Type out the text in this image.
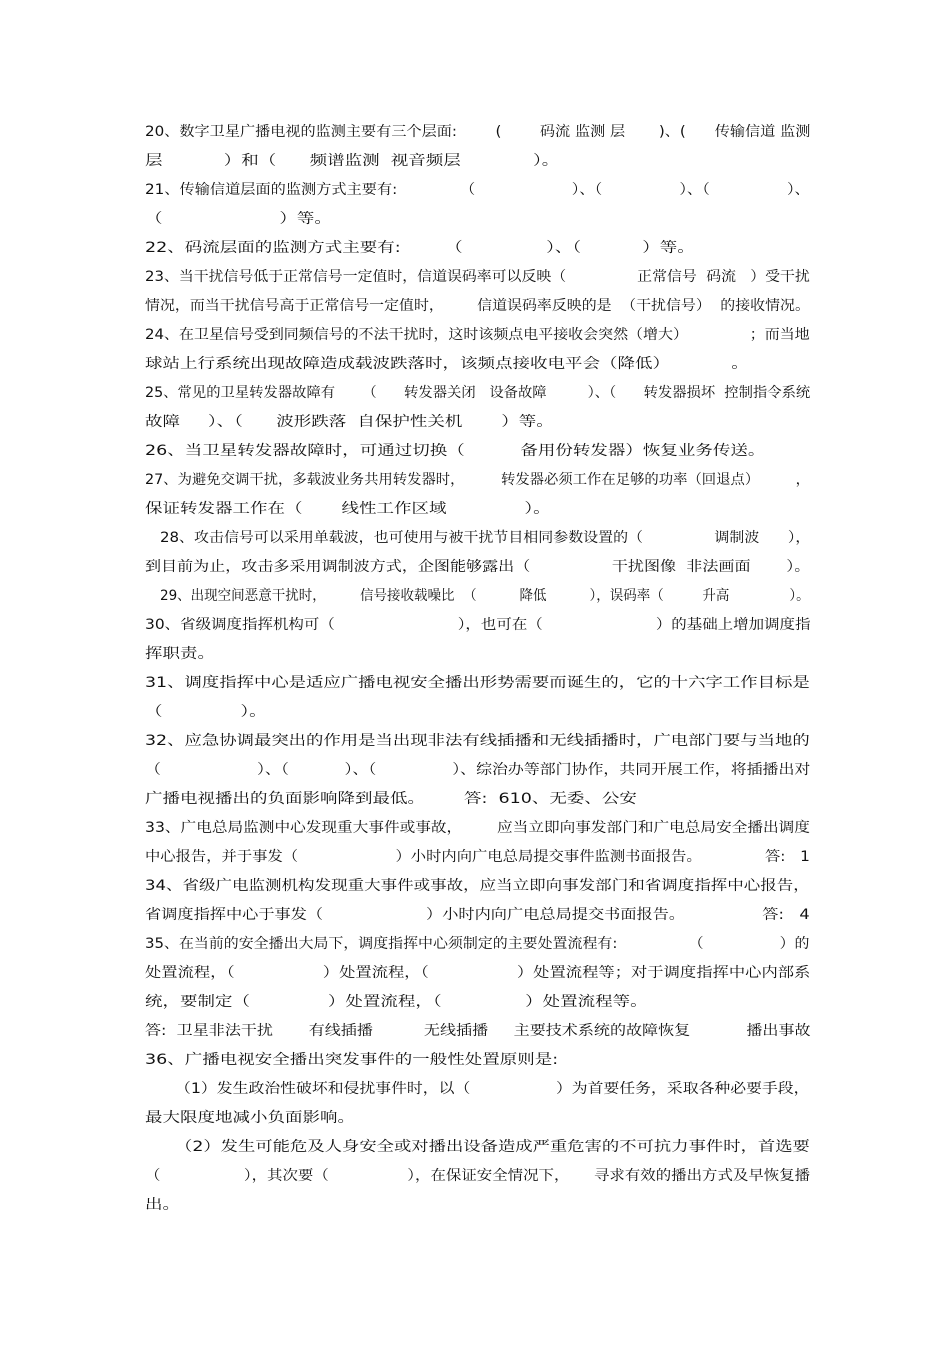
20、数字卫星广播电视的监测主要有三个层面:        (        码流 监测 层       )、(      传输信道 监测
层           ）和（      频谱监测  视音频层             ）。
21、传输信道层面的监测方式主要有:             （                    ）、（                ）、（                ）、
（                     ）等。
22、码流层面的监测方式主要有:        （               ）、（           ）等。
23、当干扰信号低于正常信号一定值时，信道误码率可以反映（               正常信号  码流   ）受干扰
情况，而当干扰信号高于正常信号一定值时，       信道误码率反映的是  （干扰信号）  的接收情况。
24、在卫星信号受到同频信号的不法干扰时，这时该频点电平接收会突然（增大）             ；而当地
球站上行系统出现故障造成载波跌落时，该频点接收电平会（降低）           。
25、常见的卫星转发器故障有      （      转发器关闭   设备故障         ）、（      转发器损坏  控制指令系统
故障     ）、（      波形跌落  自保护性关机       ）等。
26、当卫星转发器故障时，可通过切换（          备用份转发器）恢复业务传送。
27、为避免交调干扰，多载波业务共用转发器时，        转发器必须工作在足够的功率（回退点）        ，
保证转发器工作在（       线性工作区域              ）。
28、攻击信号可以采用单载波，也可使用与被干扰节目相同参数设置的（               调制波      ），
到目前为止，攻击多采用调制波方式，企图能够露出（                干扰图像  非法画面       ）。
29、出现空间恶意干扰时，        信号接收载噪比  （          降低          ），误码率（         升高              ）。
30、省级调度指挥机构可（                         ），也可在（                       ）的基础上增加调度指
挥职责。
31、调度指挥中心是适应广播电视安全播出形势需要而诞生的，它的十六字工作目标是
（              ）。
32、应急协调最突出的作用是当出现非法有线插播和无线插播时，广电部门要与当地的
（                   ）、（           ）、（               ）、综治办等部门协作，共同开展工作，将插播出对
广播电视播出的负面影响降到最低。       答:  610、无委、公安
33、广电总局监测中心发现重大事件或事故，       应当立即向事发部门和广电总局安全播出调度
中心报告，并于事发（                    ）小时内向广电总局提交事件监测书面报告。             答:   1
34、省级广电监测机构发现重大事件或事故，应当立即向事发部门和省调度指挥中心报告，
省调度指挥中心于事发（                    ）小时内向广电总局提交书面报告。               答:   4
35、在当前的安全播出大局下，调度指挥中心须制定的主要处置流程有:               （                ）的
处置流程，（                 ）处置流程，（                 ）处置流程等；对于调度指挥中心内部系
统，要制定（              ）处置流程，（               ）处置流程等。
答:  卫星非法干扰       有线插播          无线插播     主要技术系统的故障恢复           播出事故
36、广播电视安全播出突发事件的一般性处置原则是:
（1）发生政治性破坏和侵扰事件时，以（                 ）为首要任务，采取各种必要手段，
最大限度地减小负面影响。
（2）发生可能危及人身安全或对播出设备造成严重危害的不可抗力事件时，首选要
（                 ），其次要（                ），在保证安全情况下，     寻求有效的播出方式及早恢复播
出。
